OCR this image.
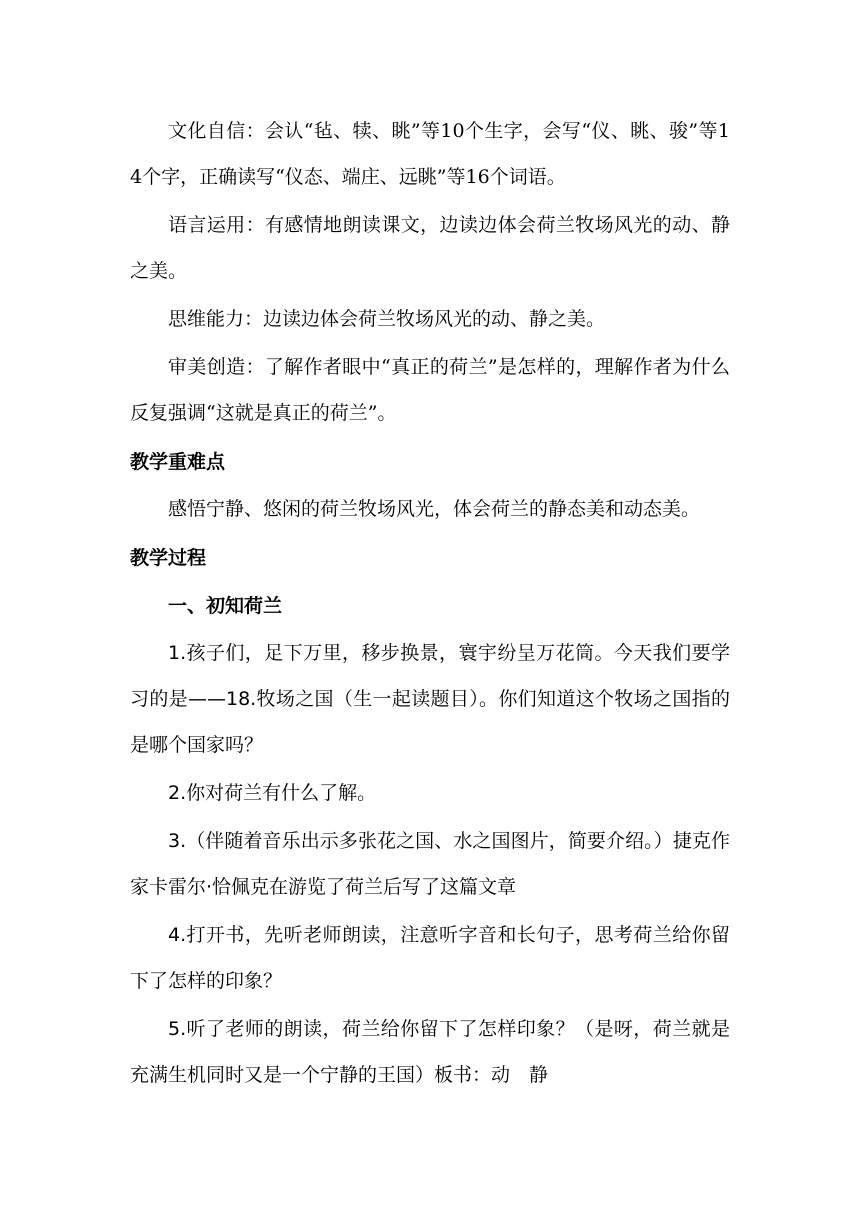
文化自信：会认“毡、犊、眺”等10个生字，会写“仪、眺、骏”等14个字，正确读写“仪态、端庄、远眺”等16个词语。

语言运用：有感情地朗读课文，边读边体会荷兰牧场风光的动、静之美。

思维能力：边读边体会荷兰牧场风光的动、静之美。

审美创造：了解作者眼中“真正的荷兰”是怎样的，理解作者为什么反复强调“这就是真正的荷兰”。

教学重难点

感悟宁静、悠闲的荷兰牧场风光，体会荷兰的静态美和动态美。

教学过程
一、初知荷兰

1.孩子们，足下万里，移步换景，寰宇纷呈万花筒。今天我们要学习的是——18.牧场之国（生一起读题目）。你们知道这个牧场之国指的是哪个国家吗？

2.你对荷兰有什么了解。

3.（伴随着音乐出示多张花之国、水之国图片，简要介绍。）捷克作家卡雷尔·恰佩克在游览了荷兰后写了这篇文章

4.打开书，先听老师朗读，注意听字音和长句子，思考荷兰给你留下了怎样的印象？

5.听了老师的朗读，荷兰给你留下了怎样印象？（是呀，荷兰就是充满生机同时又是一个宁静的王国）板书：动　静
